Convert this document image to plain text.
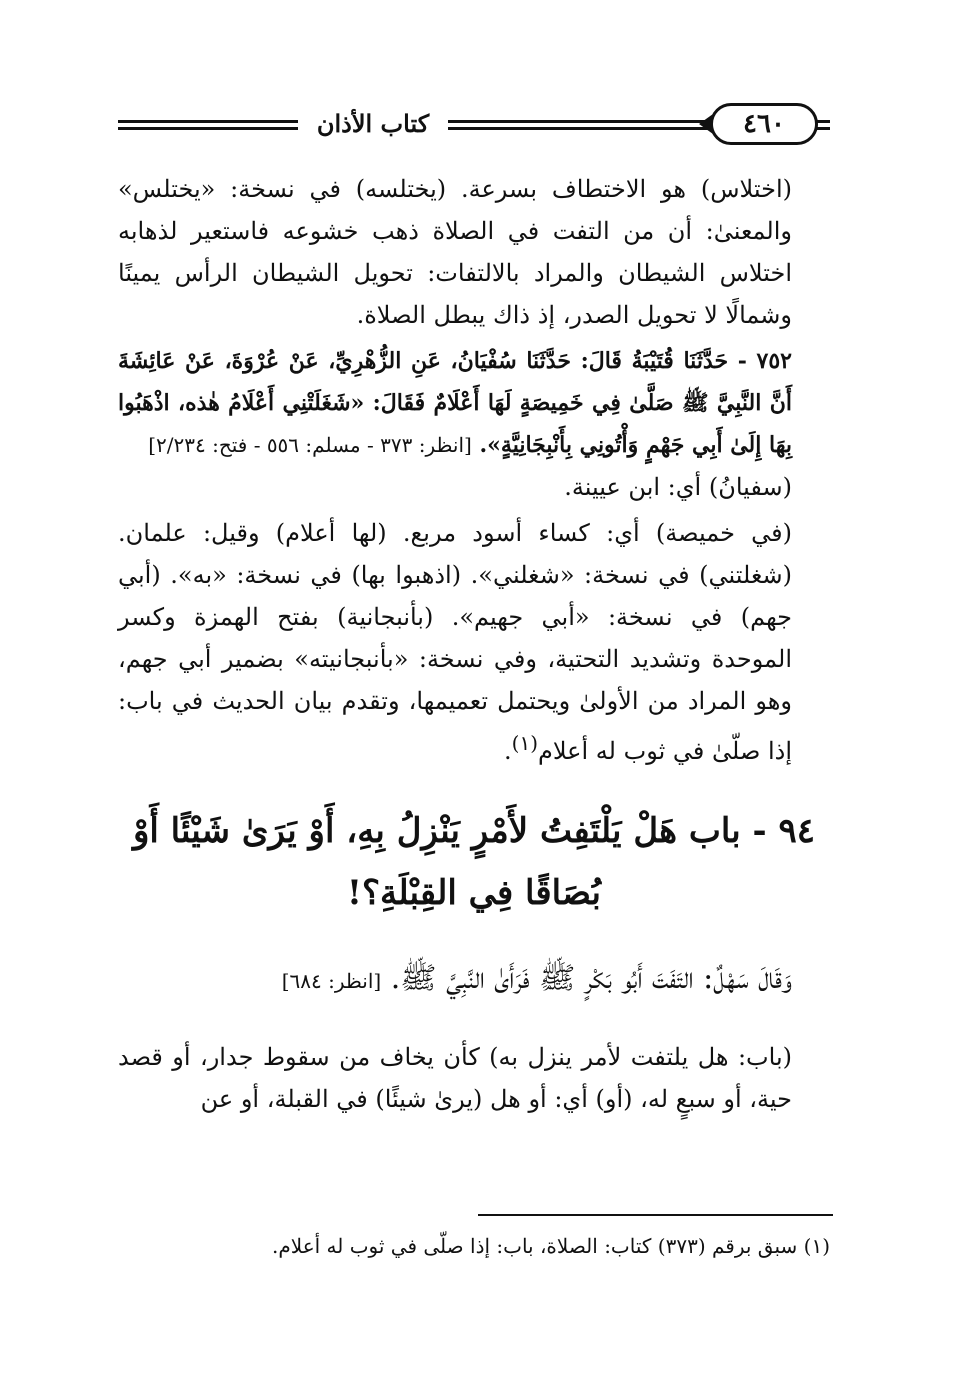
كتاب الأذان	٤٦٠

(اختلاس) هو الاختطاف بسرعة. (يختلسه) في نسخة: «يختلس» والمعنىٰ: أن من التفت في الصلاة ذهب خشوعه فاستعير لذهابه اختلاس الشيطان والمراد بالالتفات: تحويل الشيطان الرأس يمينًا وشمالًا لا تحويل الصدر، إذ ذاك يبطل الصلاة.

٧٥٢ - حَدَّثَنَا قُتَيْبَةُ قَالَ: حَدَّثَنَا سُفْيَانُ، عَنِ الزُّهْرِيِّ، عَنْ عُرْوَةَ، عَنْ عَائِشَةَ أَنَّ النَّبِيَّ ﷺ صَلَّىٰ فِي خَمِيصَةٍ لَهَا أَعْلَامٌ فَقَالَ: «شَغَلَتْنِي أَعْلَامُ هٰذه، اذْهَبُوا بِهَا إِلَىٰ أَبِي جَهْمٍ وَأْتُونِي بِأَنْبِجَانِيَّةٍ». [انظر: ٣٧٣ - مسلم: ٥٥٦ - فتح: ٢/٢٣٤]

(سفيانُ) أي: ابن عيينة.

(في خميصة) أي: كساء أسود مربع. (لها أعلام) وقيل: علمان. (شغلتني) في نسخة: «شغلني». (اذهبوا بها) في نسخة: «به». (أبي جهم) في نسخة: «أبي جهيم». (بأنبجانية) بفتح الهمزة وكسر الموحدة وتشديد التحتية، وفي نسخة: «بأنبجانيته» بضمير أبي جهم، وهو المراد من الأولىٰ ويحتمل تعميمها، وتقدم بيان الحديث في باب: إذا صلّىٰ في ثوب له أعلام$^{(١)}$.

٩٤ - باب هَلْ يَلْتَفِتُ لأَمْرٍ يَنْزِلُ بِهِ، أَوْ يَرَىٰ شَيْئًا أَوْ بُصَاقًا فِي القِبْلَةِ؟!

وَقَالَ سَهْلٌ: التَفَتَ أَبُو بَكْرٍ ﷺ فَرَأَىٰ النَّبِيَّ ﷺ. [انظر: ٦٨٤]

(باب: هل يلتفت لأمر ينزل به) كأن يخاف من سقوط جدار، أو قصد حية، أو سبعٍ له، (أو) أي: أو هل (يرىٰ شيئًا) في القبلة، أو عن

(١) سبق برقم (٣٧٣) كتاب: الصلاة، باب: إذا صلّى في ثوب له أعلام.
